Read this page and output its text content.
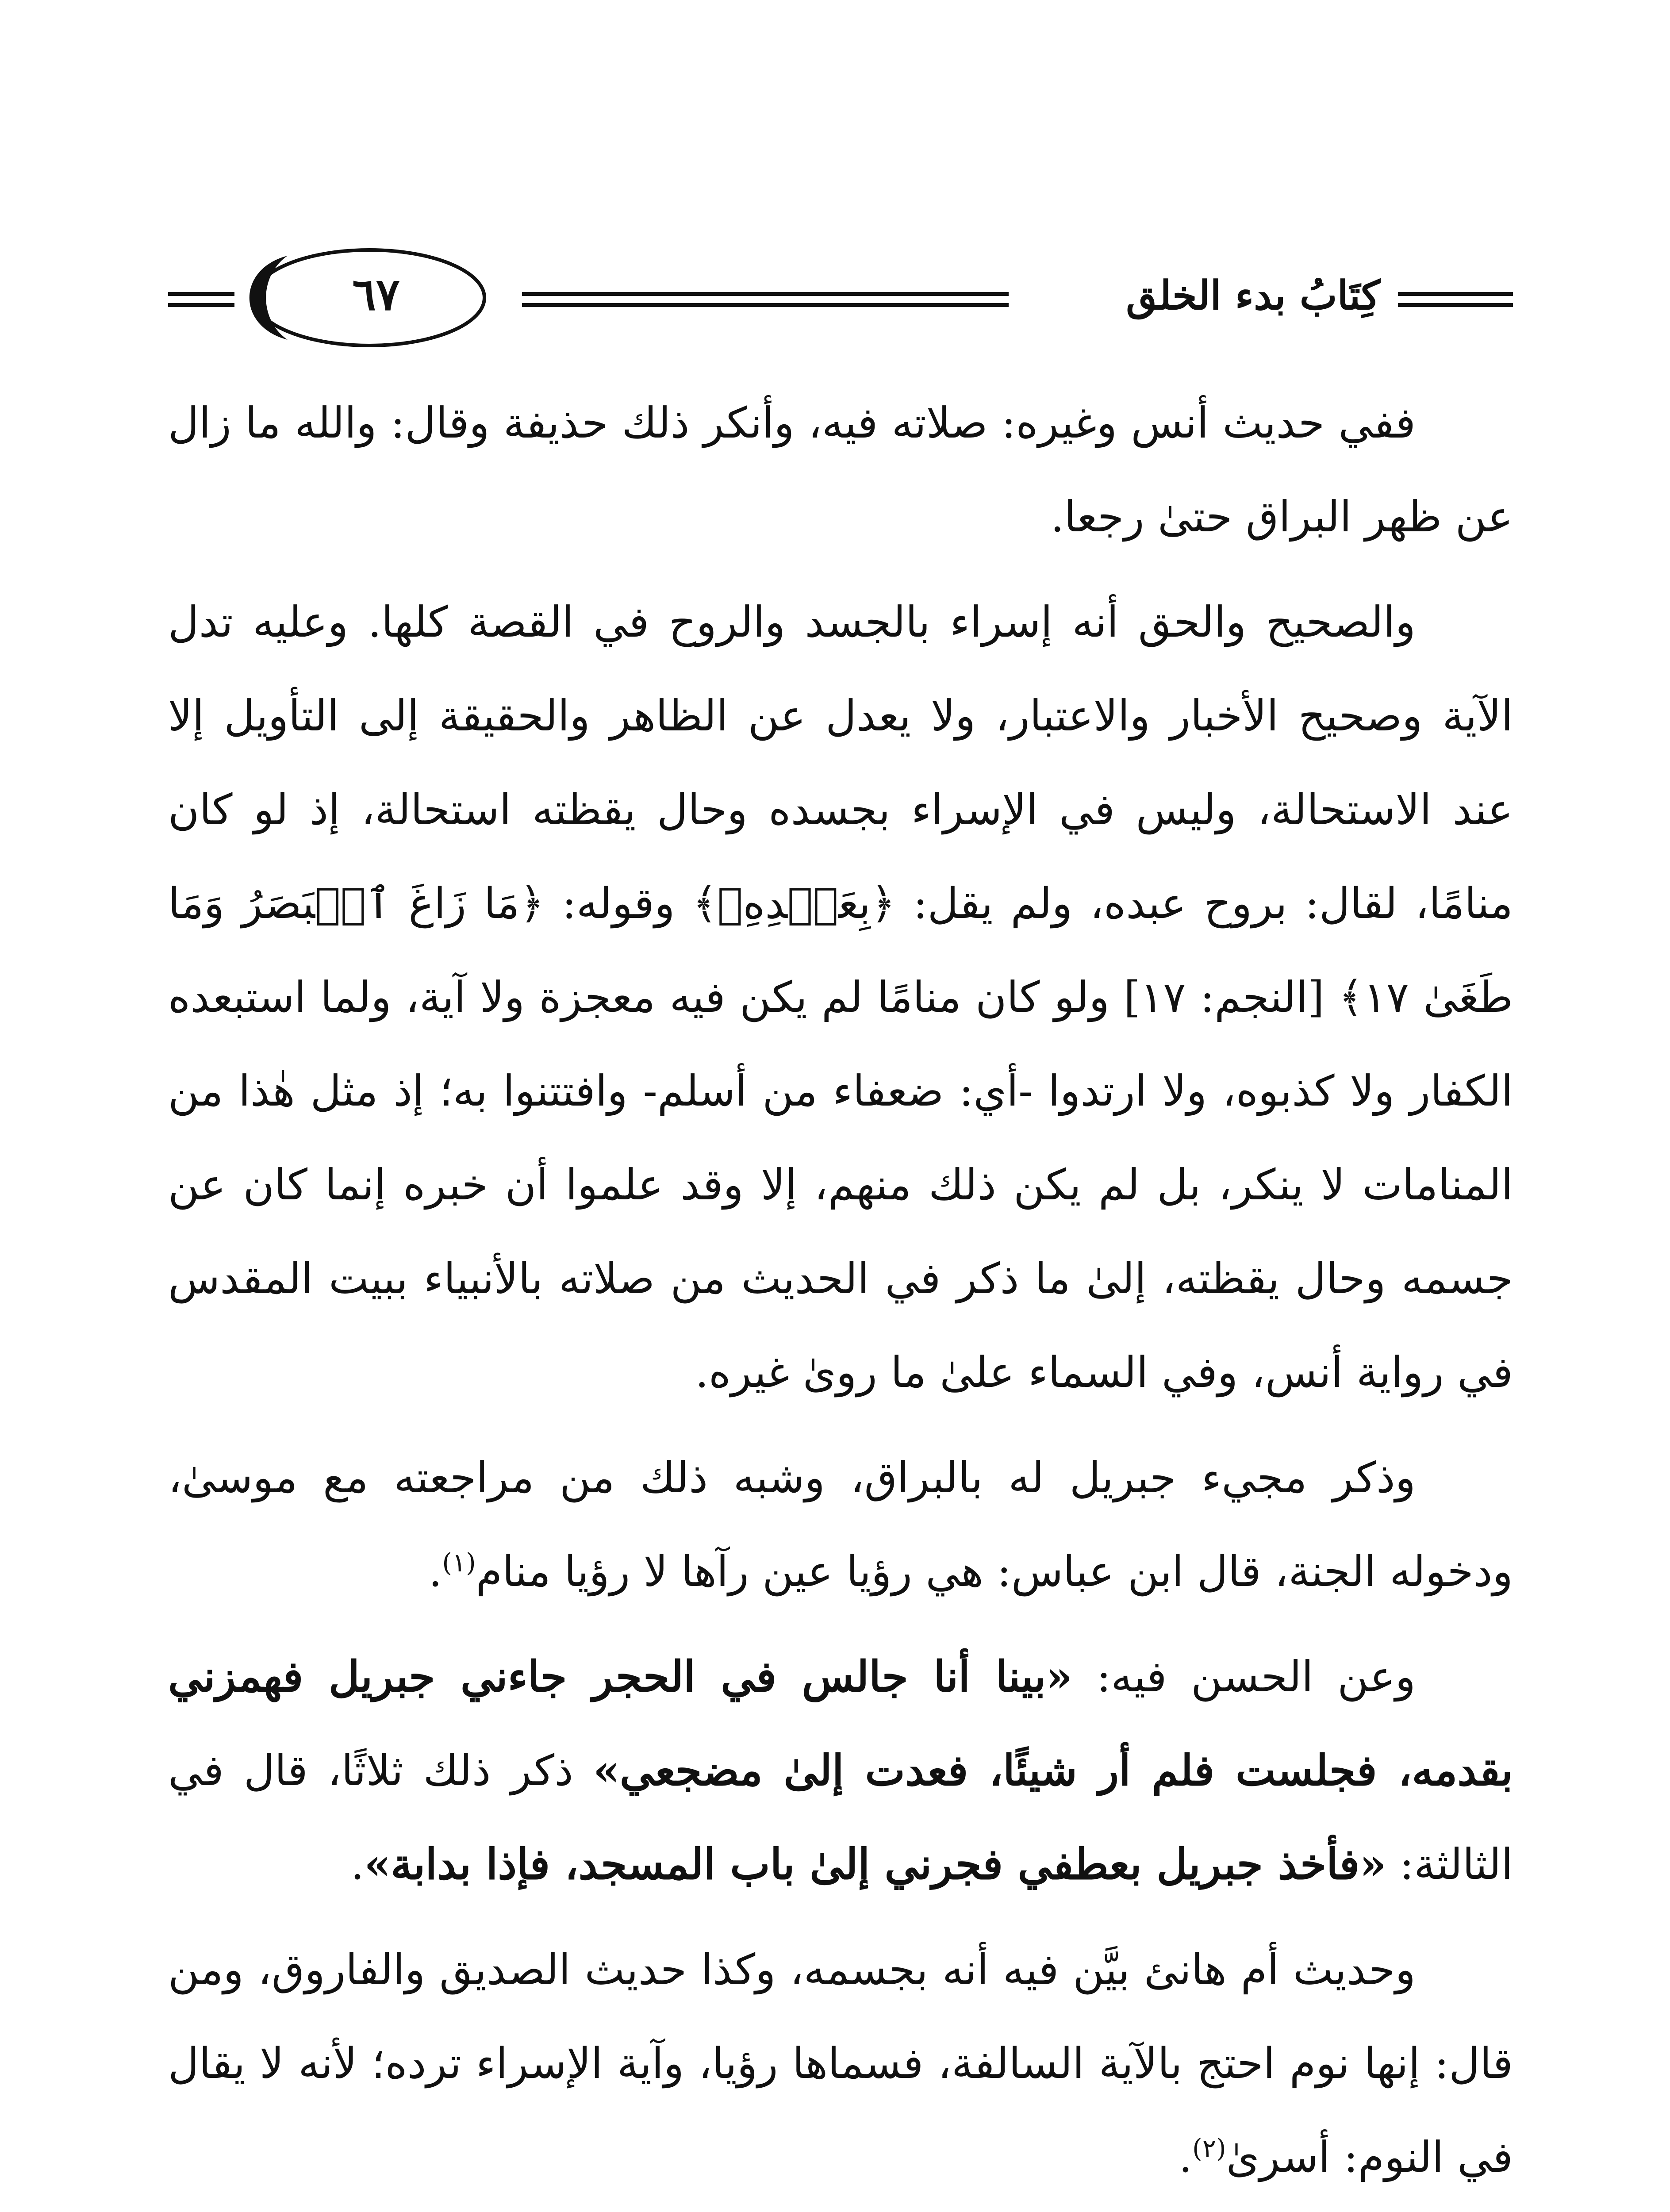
كِتَابُ بدء الخلق
٦٧

ففي حديث أنس وغيره: صلاته فيه، وأنكر ذلك حذيفة وقال: والله ما زال عن ظهر البراق حتىٰ رجعا.

والصحيح والحق أنه إسراء بالجسد والروح في القصة كلها. وعليه تدل الآية وصحيح الأخبار والاعتبار، ولا يعدل عن الظاهر والحقيقة إلى التأويل إلا عند الاستحالة، وليس في الإسراء بجسده وحال يقظته استحالة، إذ لو كان منامًا، لقال: بروح عبده، ولم يقل: ﴿بِعَبۡدِهِۦ﴾ وقوله: ﴿مَا زَاغَ ٱلۡبَصَرُ وَمَا طَغَىٰ ١٧﴾ [النجم: ١٧] ولو كان منامًا لم يكن فيه معجزة ولا آية، ولما استبعده الكفار ولا كذبوه، ولا ارتدوا -أي: ضعفاء من أسلم- وافتتنوا به؛ إذ مثل هٰذا من المنامات لا ينكر، بل لم يكن ذلك منهم، إلا وقد علموا أن خبره إنما كان عن جسمه وحال يقظته، إلىٰ ما ذكر في الحديث من صلاته بالأنبياء ببيت المقدس في رواية أنس، وفي السماء علىٰ ما روىٰ غيره.

وذكر مجيء جبريل له بالبراق، وشبه ذلك من مراجعته مع موسىٰ، ودخوله الجنة، قال ابن عباس: هي رؤيا عين رآها لا رؤيا منام$^{(١)}$.

وعن الحسن فيه: «بينا أنا جالس في الحجر جاءني جبريل فهمزني بقدمه، فجلست فلم أر شيئًا، فعدت إلىٰ مضجعي» ذكر ذلك ثلاثًا، قال في الثالثة: «فأخذ جبريل بعطفي فجرني إلىٰ باب المسجد، فإذا بدابة».

وحديث أم هانئ بيَّن فيه أنه بجسمه، وكذا حديث الصديق والفاروق، ومن قال: إنها نوم احتج بالآية السالفة، فسماها رؤيا، وآية الإسراء ترده؛ لأنه لا يقال في النوم: أسرىٰ$^{(٢)}$.
